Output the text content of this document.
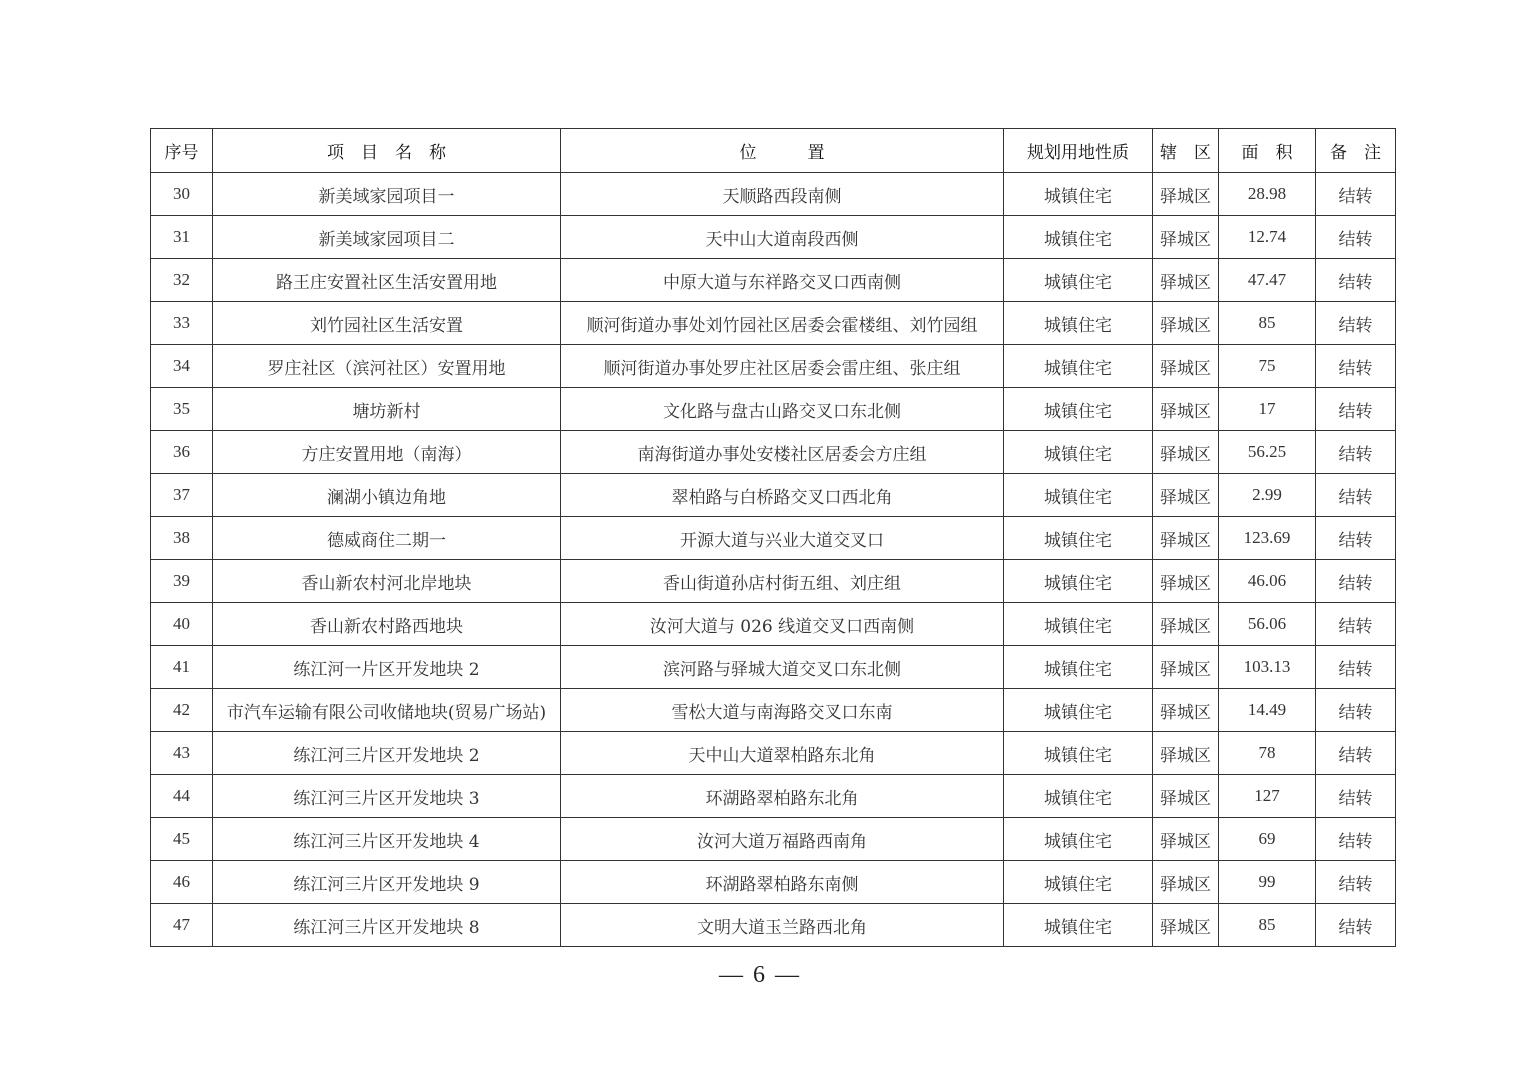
序号	项　目　名　称	位　　　置	规划用地性质	辖　区	面　积	备　注
30	新美域家园项目一	天顺路西段南侧	城镇住宅	驿城区	28.98	结转
31	新美域家园项目二	天中山大道南段西侧	城镇住宅	驿城区	12.74	结转
32	路王庄安置社区生活安置用地	中原大道与东祥路交叉口西南侧	城镇住宅	驿城区	47.47	结转
33	刘竹园社区生活安置	顺河街道办事处刘竹园社区居委会霍楼组、刘竹园组	城镇住宅	驿城区	85	结转
34	罗庄社区（滨河社区）安置用地	顺河街道办事处罗庄社区居委会雷庄组、张庄组	城镇住宅	驿城区	75	结转
35	塘坊新村	文化路与盘古山路交叉口东北侧	城镇住宅	驿城区	17	结转
36	方庄安置用地（南海）	南海街道办事处安楼社区居委会方庄组	城镇住宅	驿城区	56.25	结转
37	澜湖小镇边角地	翠柏路与白桥路交叉口西北角	城镇住宅	驿城区	2.99	结转
38	德威商住二期一	开源大道与兴业大道交叉口	城镇住宅	驿城区	123.69	结转
39	香山新农村河北岸地块	香山街道孙店村街五组、刘庄组	城镇住宅	驿城区	46.06	结转
40	香山新农村路西地块	汝河大道与 026 线道交叉口西南侧	城镇住宅	驿城区	56.06	结转
41	练江河一片区开发地块 2	滨河路与驿城大道交叉口东北侧	城镇住宅	驿城区	103.13	结转
42	市汽车运输有限公司收储地块(贸易广场站)	雪松大道与南海路交叉口东南	城镇住宅	驿城区	14.49	结转
43	练江河三片区开发地块 2	天中山大道翠柏路东北角	城镇住宅	驿城区	78	结转
44	练江河三片区开发地块 3	环湖路翠柏路东北角	城镇住宅	驿城区	127	结转
45	练江河三片区开发地块 4	汝河大道万福路西南角	城镇住宅	驿城区	69	结转
46	练江河三片区开发地块 9	环湖路翠柏路东南侧	城镇住宅	驿城区	99	结转
47	练江河三片区开发地块 8	文明大道玉兰路西北角	城镇住宅	驿城区	85	结转
— 6 —
